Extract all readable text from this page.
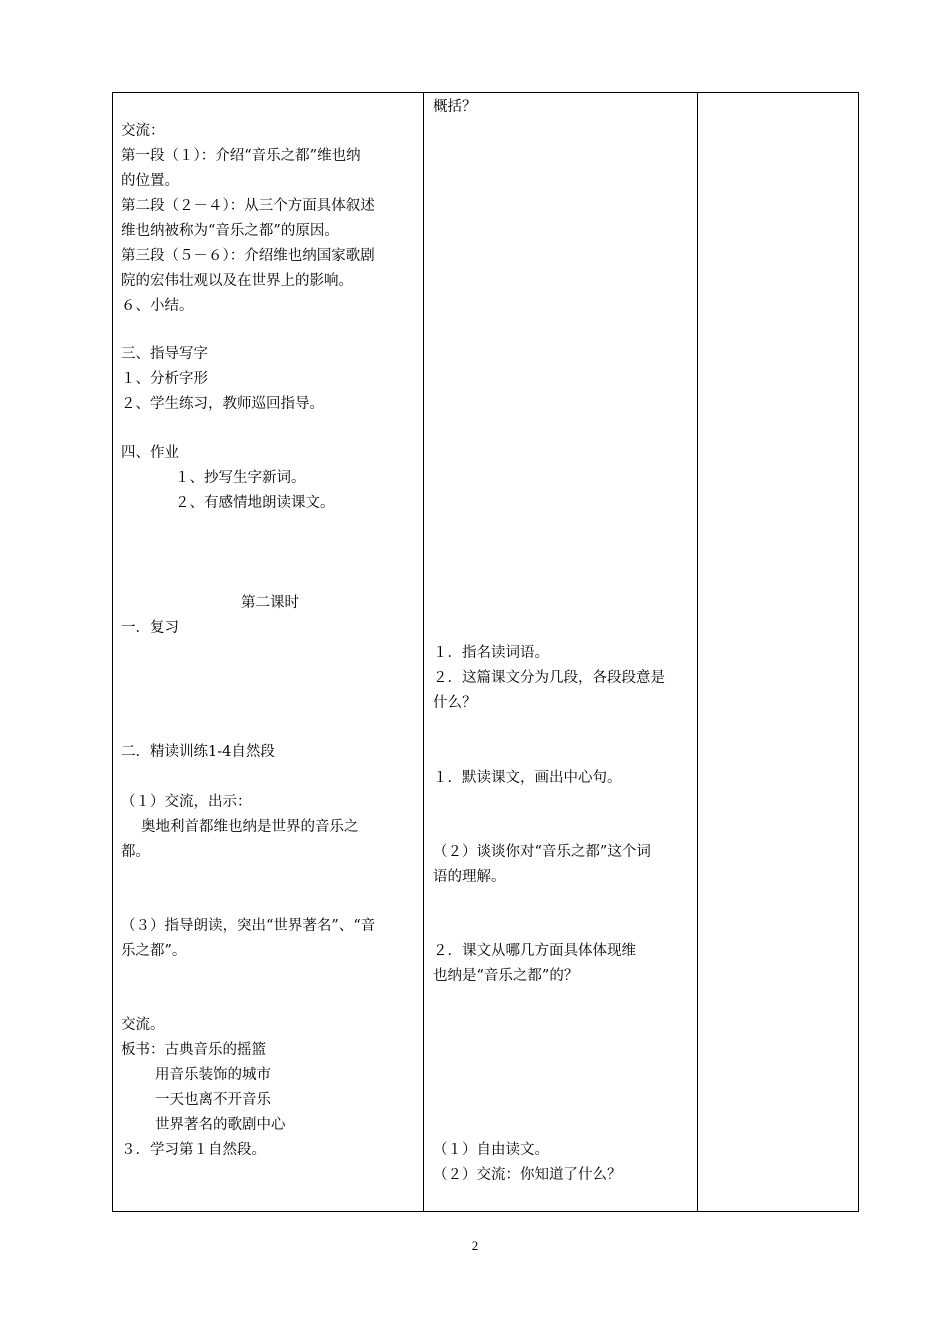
交流：
第一段（１）：介绍“音乐之都”维也纳
的位置。
第二段（２－４）：从三个方面具体叙述
维也纳被称为“音乐之都”的原因。
第三段（５－６）：介绍维也纳国家歌剧
院的宏伟壮观以及在世界上的影响。
６、小结。
三、指导写字
１、分析字形
２、学生练习，教师巡回指导。
四、作业
１、抄写生字新词。
２、有感情地朗读课文。
第二课时
一．复习
二．精读训练1-4自然段
（１）交流，出示：
奥地利首都维也纳是世界的音乐之
都。
（３）指导朗读，突出“世界著名”、“音
乐之都”。
交流。
板书：古典音乐的摇篮
用音乐装饰的城市
一天也离不开音乐
世界著名的歌剧中心
３．学习第１自然段。
概括？
１．指名读词语。
２．这篇课文分为几段，各段段意是
什么？
１．默读课文，画出中心句。
（２）谈谈你对“音乐之都”这个词
语的理解。
２．课文从哪几方面具体体现维
也纳是“音乐之都”的？
（１）自由读文。
（２）交流：你知道了什么？
2
